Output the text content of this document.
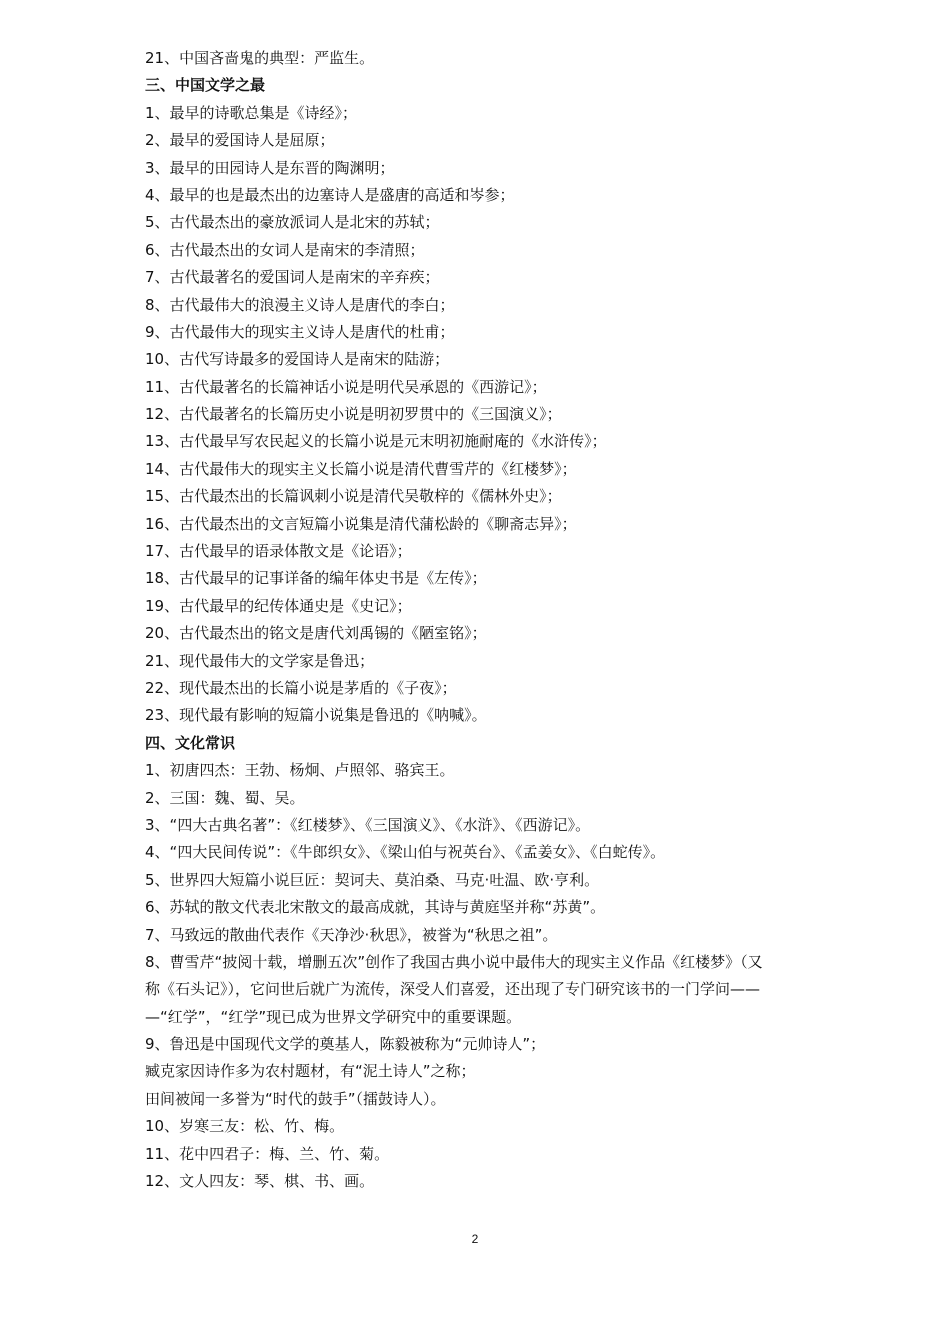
21、中国吝啬鬼的典型：严监生。
三、中国文学之最
1、最早的诗歌总集是《诗经》；
2、最早的爱国诗人是屈原；
3、最早的田园诗人是东晋的陶渊明；
4、最早的也是最杰出的边塞诗人是盛唐的高适和岑参；
5、古代最杰出的豪放派词人是北宋的苏轼；
6、古代最杰出的女词人是南宋的李清照；
7、古代最著名的爱国词人是南宋的辛弃疾；
8、古代最伟大的浪漫主义诗人是唐代的李白；
9、古代最伟大的现实主义诗人是唐代的杜甫；
10、古代写诗最多的爱国诗人是南宋的陆游；
11、古代最著名的长篇神话小说是明代吴承恩的《西游记》；
12、古代最著名的长篇历史小说是明初罗贯中的《三国演义》；
13、古代最早写农民起义的长篇小说是元末明初施耐庵的《水浒传》；
14、古代最伟大的现实主义长篇小说是清代曹雪芹的《红楼梦》；
15、古代最杰出的长篇讽刺小说是清代吴敬梓的《儒林外史》；
16、古代最杰出的文言短篇小说集是清代蒲松龄的《聊斋志异》；
17、古代最早的语录体散文是《论语》；
18、古代最早的记事详备的编年体史书是《左传》；
19、古代最早的纪传体通史是《史记》；
20、古代最杰出的铭文是唐代刘禹锡的《陋室铭》；
21、现代最伟大的文学家是鲁迅；
22、现代最杰出的长篇小说是茅盾的《子夜》；
23、现代最有影响的短篇小说集是鲁迅的《呐喊》。
四、文化常识
1、初唐四杰：王勃、杨炯、卢照邻、骆宾王。
2、三国：魏、蜀、吴。
3、“四大古典名著”：《红楼梦》、《三国演义》、《水浒》、《西游记》。
4、“四大民间传说”：《牛郎织女》、《梁山伯与祝英台》、《孟姜女》、《白蛇传》。
5、世界四大短篇小说巨匠：契诃夫、莫泊桑、马克·吐温、欧·亨利。
6、苏轼的散文代表北宋散文的最高成就，其诗与黄庭坚并称“苏黄”。
7、马致远的散曲代表作《天净沙·秋思》，被誉为“秋思之祖”。
8、曹雪芹“披阅十载，增删五次”创作了我国古典小说中最伟大的现实主义作品《红楼梦》（又
称《石头记》），它问世后就广为流传，深受人们喜爱，还出现了专门研究该书的一门学问——
—“红学”，“红学”现已成为世界文学研究中的重要课题。
9、鲁迅是中国现代文学的奠基人，陈毅被称为“元帅诗人”；
臧克家因诗作多为农村题材，有“泥土诗人”之称；
田间被闻一多誉为“时代的鼓手”（擂鼓诗人）。
10、岁寒三友：松、竹、梅。
11、花中四君子：梅、兰、竹、菊。
12、文人四友：琴、棋、书、画。
2
